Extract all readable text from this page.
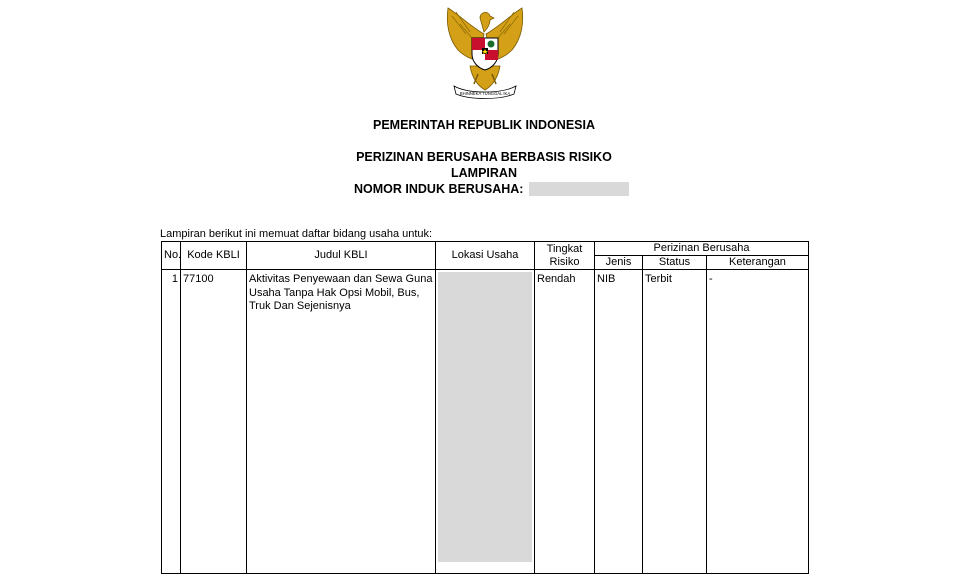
BHINNEKA TUNGGAL IKA
PEMERINTAH REPUBLIK INDONESIA
PERIZINAN BERUSAHA BERBASIS RISIKO
LAMPIRAN
NOMOR INDUK BERUSAHA:
Lampiran berikut ini memuat daftar bidang usaha untuk:
No.	Kode KBLI	Judul KBLI	Lokasi Usaha	Tingkat Risiko	Perizinan Berusaha		
					Jenis	Status	Keterangan
1	77100	Aktivitas Penyewaan dan Sewa Guna Usaha Tanpa Hak Opsi Mobil, Bus, Truk Dan Sejenisnya		Rendah	NIB	Terbit	-
